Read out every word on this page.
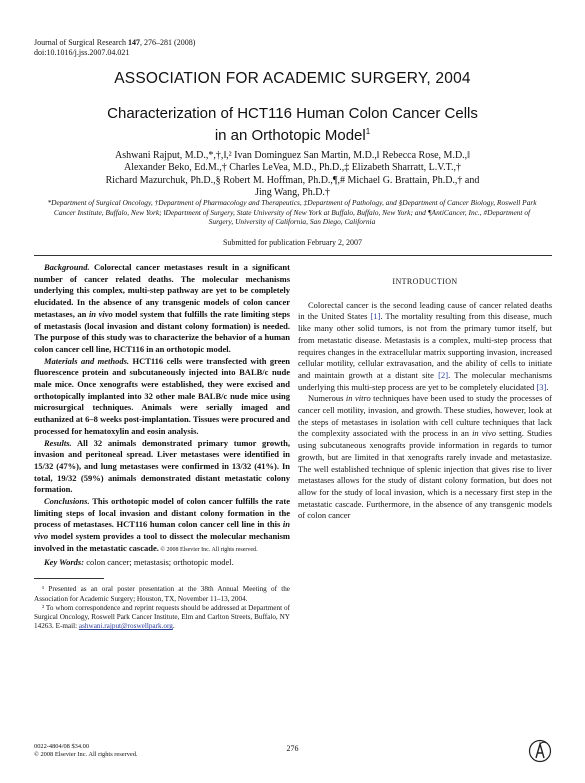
Journal of Surgical Research 147, 276–281 (2008)
doi:10.1016/j.jss.2007.04.021
ASSOCIATION FOR ACADEMIC SURGERY, 2004
Characterization of HCT116 Human Colon Cancer Cells
in an Orthotopic Model$^1$
Ashwani Rajput, M.D.,*,†,‖,² Ivan Dominguez San Martin, M.D.,‖ Rebecca Rose, M.D.,‖
Alexander Beko, Ed.M.,† Charles LeVea, M.D., Ph.D.,‡ Elizabeth Sharratt, L.V.T.,†
Richard Mazurchuk, Ph.D.,§ Robert M. Hoffman, Ph.D.,¶,# Michael G. Brattain, Ph.D.,† and
Jing Wang, Ph.D.†
*Department of Surgical Oncology, †Department of Pharmacology and Therapeutics, ‡Department of Pathology, and §Department of Cancer Biology, Roswell Park Cancer Institute, Buffalo, New York; ‖Department of Surgery, State University of New York at Buffalo, Buffalo, New York; and ¶AntiCancer, Inc., #Department of Surgery, University of California, San Diego, California
Submitted for publication February 2, 2007

Background. Colorectal cancer metastases result in a significant number of cancer related deaths. The molecular mechanisms underlying this complex, multi-step pathway are yet to be completely elucidated. In the absence of any transgenic models of colon cancer metastases, an in vivo model system that fulfills the rate limiting steps of metastasis (local invasion and distant colony formation) is needed. The purpose of this study was to characterize the behavior of a human colon cancer cell line, HCT116 in an orthotopic model.

Materials and methods. HCT116 cells were transfected with green fluorescence protein and subcutaneously injected into BALB/c nude male mice. Once xenografts were established, they were excised and orthotopically implanted into 32 other male BALB/c nude mice using microsurgical techniques. Animals were serially imaged and euthanized at 6–8 weeks post-implantation. Tissues were procured and processed for hematoxylin and eosin analysis.

Results. All 32 animals demonstrated primary tumor growth, invasion and peritoneal spread. Liver metastases were identified in 15/32 (47%), and lung metastases were confirmed in 13/32 (41%). In total, 19/32 (59%) animals demonstrated distant metastatic colony formation.

Conclusions. This orthotopic model of colon cancer fulfills the rate limiting steps of local invasion and distant colony formation in the process of metastases. HCT116 human colon cancer cell line in this in vivo model system provides a tool to dissect the molecular mechanism involved in the metastatic cascade. © 2008 Elsevier Inc. All rights reserved.

Key Words: colon cancer; metastasis; orthotopic model.

¹ Presented as an oral poster presentation at the 38th Annual Meeting of the Association for Academic Surgery; Houston, TX, November 11–13, 2004.

² To whom correspondence and reprint requests should be addressed at Department of Surgical Oncology, Roswell Park Cancer Institute, Elm and Carlton Streets, Buffalo, NY 14263. E-mail: ashwani.rajput@roswellpark.org.

INTRODUCTION

Colorectal cancer is the second leading cause of cancer related deaths in the United States [1]. The mortality resulting from this disease, much like many other solid tumors, is not from the primary tumor itself, but from metastatic disease. Metastasis is a complex, multi-step process that requires changes in the extracellular matrix supporting invasion, increased cellular motility, cellular extravasation, and the ability of cells to initiate and maintain growth at a distant site [2]. The molecular mechanisms underlying this multi-step process are yet to be completely elucidated [3].

Numerous in vitro techniques have been used to study the processes of cancer cell motility, invasion, and growth. These studies, however, look at the steps of metastases in isolation with cell culture techniques that lack the complexity associated with the process in an in vivo setting. Studies using subcutaneous xenografts provide information in regards to tumor growth, but are limited in that xenografts rarely invade and metastasize. The well established technique of splenic injection that gives rise to liver metastases allows for the study of distant colony formation, but does not allow for the study of local invasion, which is a necessary first step in the metastatic cascade. Furthermore, in the absence of any transgenic models of colon cancer

0022-4804/08 $34.00
© 2008 Elsevier Inc. All rights reserved.
276
